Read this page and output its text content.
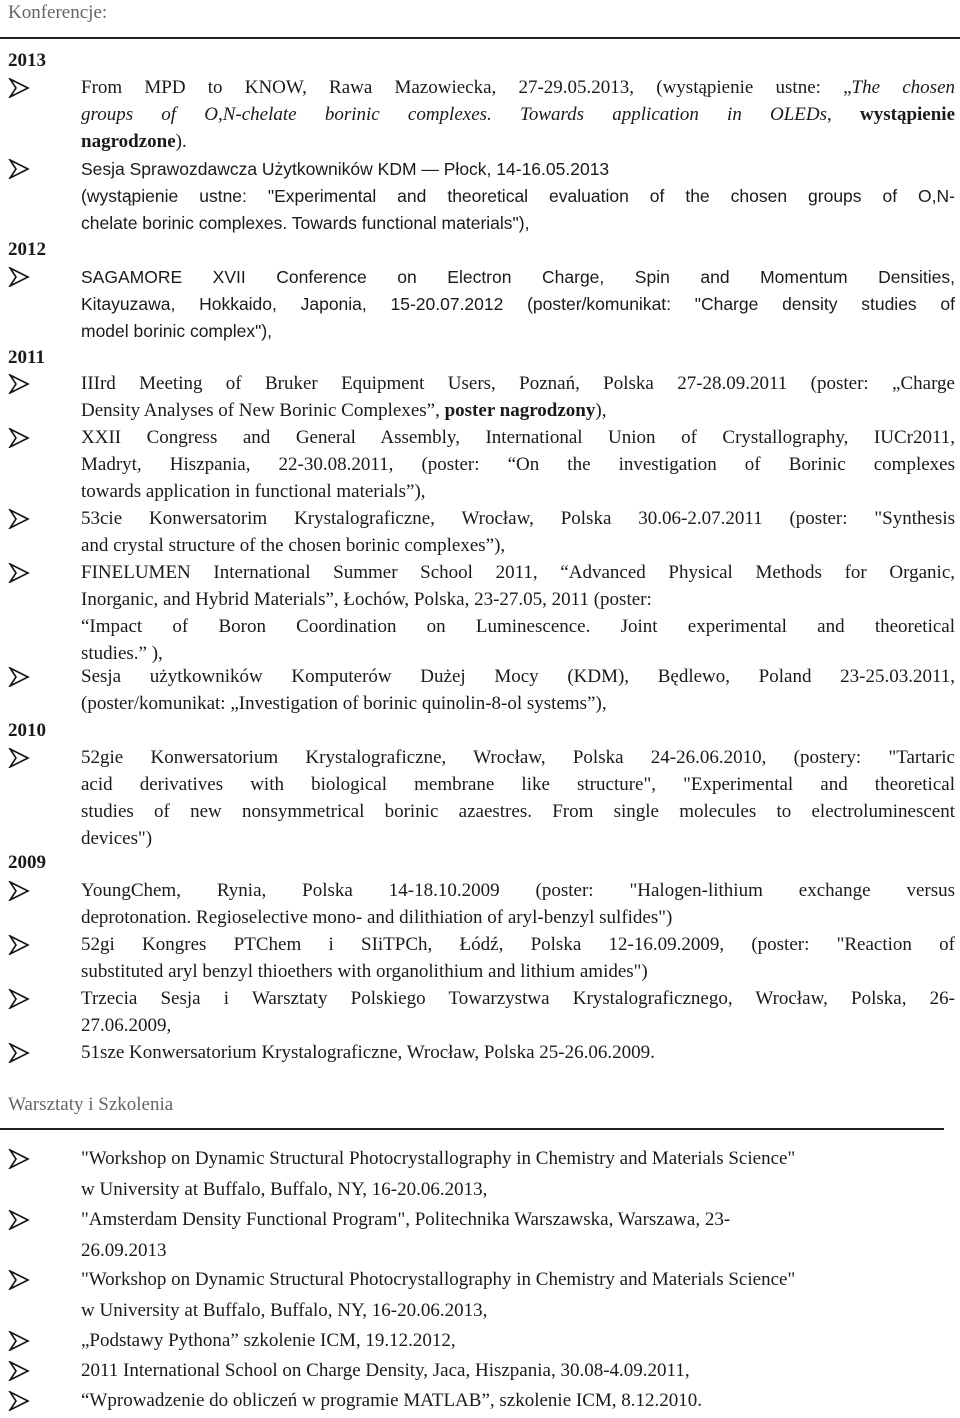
Konferencje:
2013
From MPD to KNOW, Rawa Mazowiecka, 27-29.05.2013, (wystąpienie ustne: „The chosen
groups of O,N-chelate borinic complexes. Towards application in OLEDs, wystąpienie
nagrodzone).
Sesja Sprawozdawcza Użytkowników KDM — Płock, 14-16.05.2013
(wystąpienie ustne: "Experimental and theoretical evaluation of the chosen groups of O,N-
chelate borinic complexes. Towards functional materials"),
2012
SAGAMORE XVII Conference on Electron Charge, Spin and Momentum Densities,
Kitayuzawa, Hokkaido, Japonia, 15-20.07.2012 (poster/komunikat: "Charge density studies of
model borinic complex"),
2011
IIIrd Meeting of Bruker Equipment Users, Poznań, Polska 27-28.09.2011 (poster: „Charge
Density Analyses of New Borinic Complexes”, poster nagrodzony),
XXII Congress and General Assembly, International Union of Crystallography, IUCr2011,
Madryt, Hiszpania, 22-30.08.2011, (poster: “On the investigation of Borinic complexes
towards application in functional materials”),
53cie Konwersatorim Krystalograficzne, Wrocław, Polska 30.06-2.07.2011 (poster: "Synthesis
and crystal structure of the chosen borinic complexes”),
FINELUMEN International Summer School 2011, “Advanced Physical Methods for Organic,
Inorganic, and Hybrid Materials”, Łochów, Polska, 23-27.05, 2011 (poster:
“Impact of Boron Coordination on Luminescence. Joint experimental and theoretical
studies.” ),
Sesja użytkowników Komputerów Dużej Mocy (KDM), Będlewo, Poland 23-25.03.2011,
(poster/komunikat: „Investigation of borinic quinolin-8-ol systems”),
2010
52gie Konwersatorium Krystalograficzne, Wrocław, Polska 24-26.06.2010, (postery: "Tartaric
acid derivatives with biological membrane like structure", "Experimental and theoretical
studies of new nonsymmetrical borinic azaestres. From single molecules to electroluminescent
devices")
2009
YoungChem, Rynia, Polska 14-18.10.2009 (poster: "Halogen-lithium exchange versus
deprotonation. Regioselective mono- and dilithiation of aryl-benzyl sulfides")
52gi Kongres PTChem i SIiTPCh, Łódź, Polska 12-16.09.2009, (poster: "Reaction of
substituted aryl benzyl thioethers with organolithium and lithium amides")
Trzecia Sesja i Warsztaty Polskiego Towarzystwa Krystalograficznego, Wrocław, Polska, 26-
27.06.2009,
51sze Konwersatorium Krystalograficzne, Wrocław, Polska 25-26.06.2009.
Warsztaty i Szkolenia
"Workshop on Dynamic Structural Photocrystallography in Chemistry and Materials Science"
w University at Buffalo, Buffalo, NY, 16-20.06.2013,
"Amsterdam Density Functional Program", Politechnika Warszawska, Warszawa, 23-
26.09.2013
"Workshop on Dynamic Structural Photocrystallography in Chemistry and Materials Science"
w University at Buffalo, Buffalo, NY, 16-20.06.2013,
„Podstawy Pythona” szkolenie ICM, 19.12.2012,
2011 International School on Charge Density, Jaca, Hiszpania, 30.08-4.09.2011,
“Wprowadzenie do obliczeń w programie MATLAB”, szkolenie ICM, 8.12.2010.
